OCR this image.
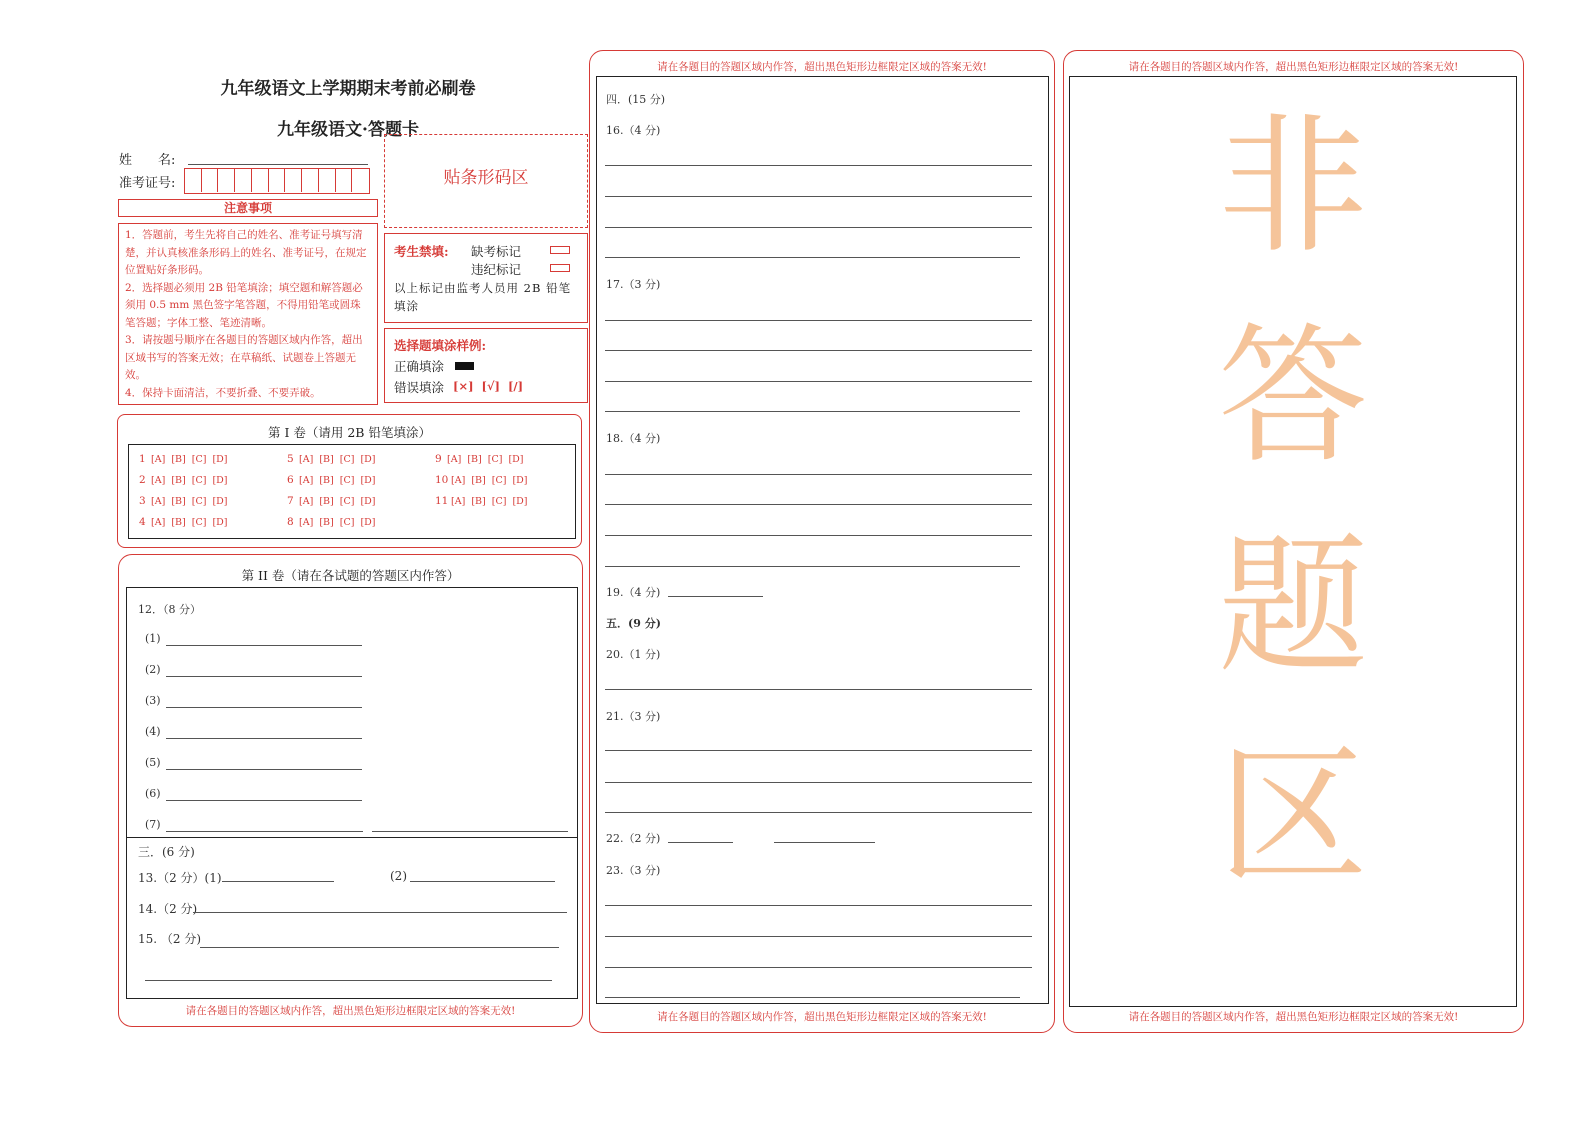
九年级语文上学期期末考前必刷卷
九年级语文·答题卡
姓　　名:
准考证号:	贴条形码区
注意事项
1．答题前，考生先将自己的姓名、准考证号填写清楚，并认真核准条形码上的姓名、准考证号，在规定位置贴好条形码。
2．选择题必须用 2B 铅笔填涂；填空题和解答题必须用 0.5 mm 黑色签字笔答题，不得用铅笔或圆珠笔答题；字体工整、笔迹清晰。
3．请按题号顺序在各题目的答题区域内作答，超出区域书写的答案无效；在草稿纸、试题卷上答题无效。
4．保持卡面清洁，不要折叠、不要弄破。
考生禁填: 缺考标记
违纪标记
以上标记由监考人员用 2B 铅笔填涂
选择题填涂样例:
正确填涂
错误填涂 [×]  [√]  [/]
第 I 卷（请用 2B 铅笔填涂）
1 [A]  [B]  [C]  [D]
2 [A]  [B]  [C]  [D]
3 [A]  [B]  [C]  [D]
4 [A]  [B]  [C]  [D]
5 [A]  [B]  [C]  [D]
6 [A]  [B]  [C]  [D]
7 [A]  [B]  [C]  [D]
8 [A]  [B]  [C]  [D]
9 [A]  [B]  [C]  [D]
10 [A]  [B]  [C]  [D]
11 [A]  [B]  [C]  [D]
第 II 卷（请在各试题的答题区内作答）
12．（8 分）
(1)
(2)
(3)
(4)
(5)
(6)
(7)
三．(6 分)
13.（2 分）(1)	(2)
14.（2 分)
15. （2 分)
请在各题目的答题区域内作答，超出黑色矩形边框限定区域的答案无效!
请在各题目的答题区域内作答，超出黑色矩形边框限定区域的答案无效!
请在各题目的答题区域内作答，超出黑色矩形边框限定区域的答案无效!
四．(15 分)
16.（4 分)
17.（3 分)
18.（4 分)
19.（4 分)
五．(9 分)
20.（1 分)
21.（3 分)
22.（2 分)
23.（3 分)
请在各题目的答题区域内作答，超出黑色矩形边框限定区域的答案无效!
非
答
题
区
请在各题目的答题区域内作答，超出黑色矩形边框限定区域的答案无效!
